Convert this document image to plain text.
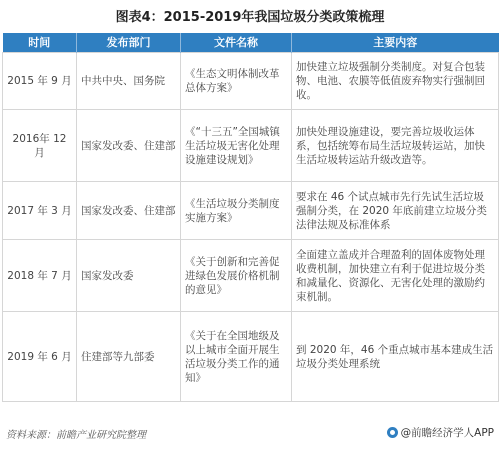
图表4：2015-2019年我国垃圾分类政策梳理
时间	发布部门	文件名称	主要内容
2015 年 9 月	中共中央、国务院	《生态文明体制改革总体方案》	加快建立垃圾强制分类制度。对复合包装物、电池、农膜等低值废弃物实行强制回收。
2016年 12 月	国家发改委、住建部	《“十三五”全国城镇生活垃圾无害化处理设施建设规划》	加快处理设施建设，要完善垃圾收运体系，包括统筹布局生活垃圾转运站，加快生活垃圾转运站升级改造等。
2017 年 3 月	国家发改委、住建部	《生活垃圾分类制度实施方案》	要求在 46 个试点城市先行先试生活垃圾强制分类，在 2020 年底前建立垃圾分类法律法规及标准体系
2018 年 7 月	国家发改委	《关于创新和完善促进绿色发展价格机制的意见》	全面建立盖成并合理盈利的固体废物处理收费机制，加快建立有利于促进垃圾分类和减量化、资源化、无害化处理的激励约束机制。
2019 年 6 月	住建部等九部委	《关于在全国地级及以上城市全面开展生活垃圾分类工作的通知》	到 2020 年，46 个重点城市基本建成生活垃圾分类处理系统
资料来源：前瞻产业研究院整理	@前瞻经济学人APP
